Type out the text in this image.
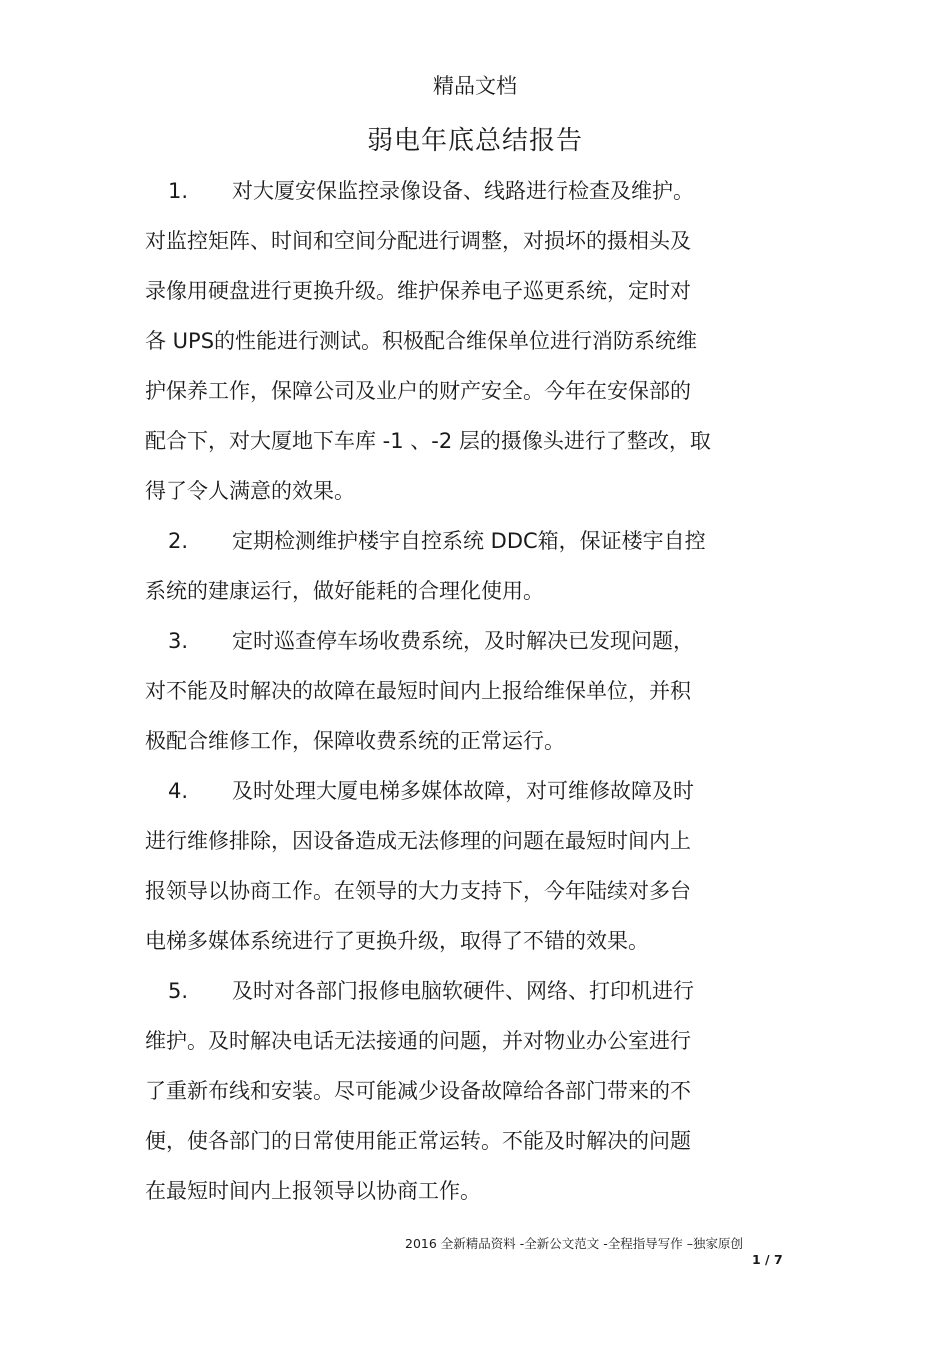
精品文档
弱电年底总结报告
1. 对大厦安保监控录像设备、线路进行检查及维护。
对监控矩阵、时间和空间分配进行调整，对损坏的摄相头及
录像用硬盘进行更换升级。维护保养电子巡更系统，定时对
各 UPS的性能进行测试。积极配合维保单位进行消防系统维
护保养工作，保障公司及业户的财产安全。今年在安保部的
配合下，对大厦地下车库 -1 、-2 层的摄像头进行了整改，取
得了令人满意的效果。
2. 定期检测维护楼宇自控系统 DDC箱，保证楼宇自控
系统的建康运行，做好能耗的合理化使用。
3. 定时巡查停车场收费系统，及时解决已发现问题，
对不能及时解决的故障在最短时间内上报给维保单位，并积
极配合维修工作，保障收费系统的正常运行。
4. 及时处理大厦电梯多媒体故障，对可维修故障及时
进行维修排除，因设备造成无法修理的问题在最短时间内上
报领导以协商工作。在领导的大力支持下，今年陆续对多台
电梯多媒体系统进行了更换升级，取得了不错的效果。
5. 及时对各部门报修电脑软硬件、网络、打印机进行
维护。及时解决电话无法接通的问题，并对物业办公室进行
了重新布线和安装。尽可能减少设备故障给各部门带来的不
便，使各部门的日常使用能正常运转。不能及时解决的问题
在最短时间内上报领导以协商工作。
2016 全新精品资料 -全新公文范文 -全程指导写作 –独家原创
1 / 7
